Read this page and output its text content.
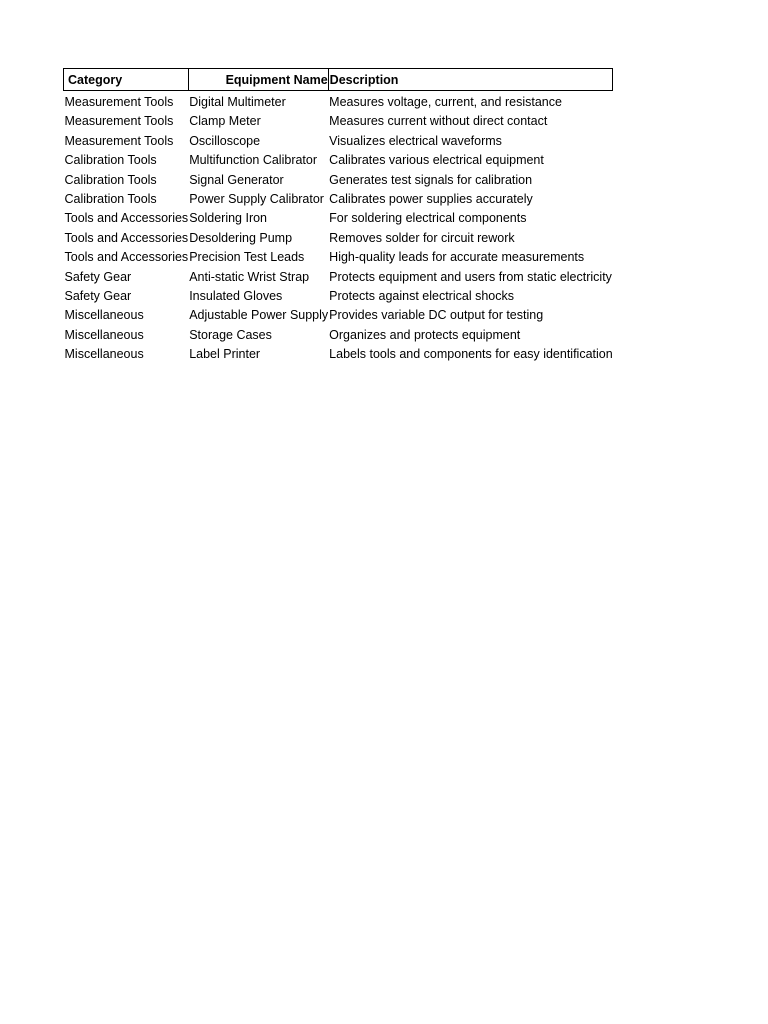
Category	Equipment Name	Description
Measurement Tools	Digital Multimeter	Measures voltage, current, and resistance
Measurement Tools	Clamp Meter	Measures current without direct contact
Measurement Tools	Oscilloscope	Visualizes electrical waveforms
Calibration Tools	Multifunction Calibrator	Calibrates various electrical equipment
Calibration Tools	Signal Generator	Generates test signals for calibration
Calibration Tools	Power Supply Calibrator	Calibrates power supplies accurately
Tools and Accessories	Soldering Iron	For soldering electrical components
Tools and Accessories	Desoldering Pump	Removes solder for circuit rework
Tools and Accessories	Precision Test Leads	High-quality leads for accurate measurements
Safety Gear	Anti-static Wrist Strap	Protects equipment and users from static electricity
Safety Gear	Insulated Gloves	Protects against electrical shocks
Miscellaneous	Adjustable Power Supply	Provides variable DC output for testing
Miscellaneous	Storage Cases	Organizes and protects equipment
Miscellaneous	Label Printer	Labels tools and components for easy identification
